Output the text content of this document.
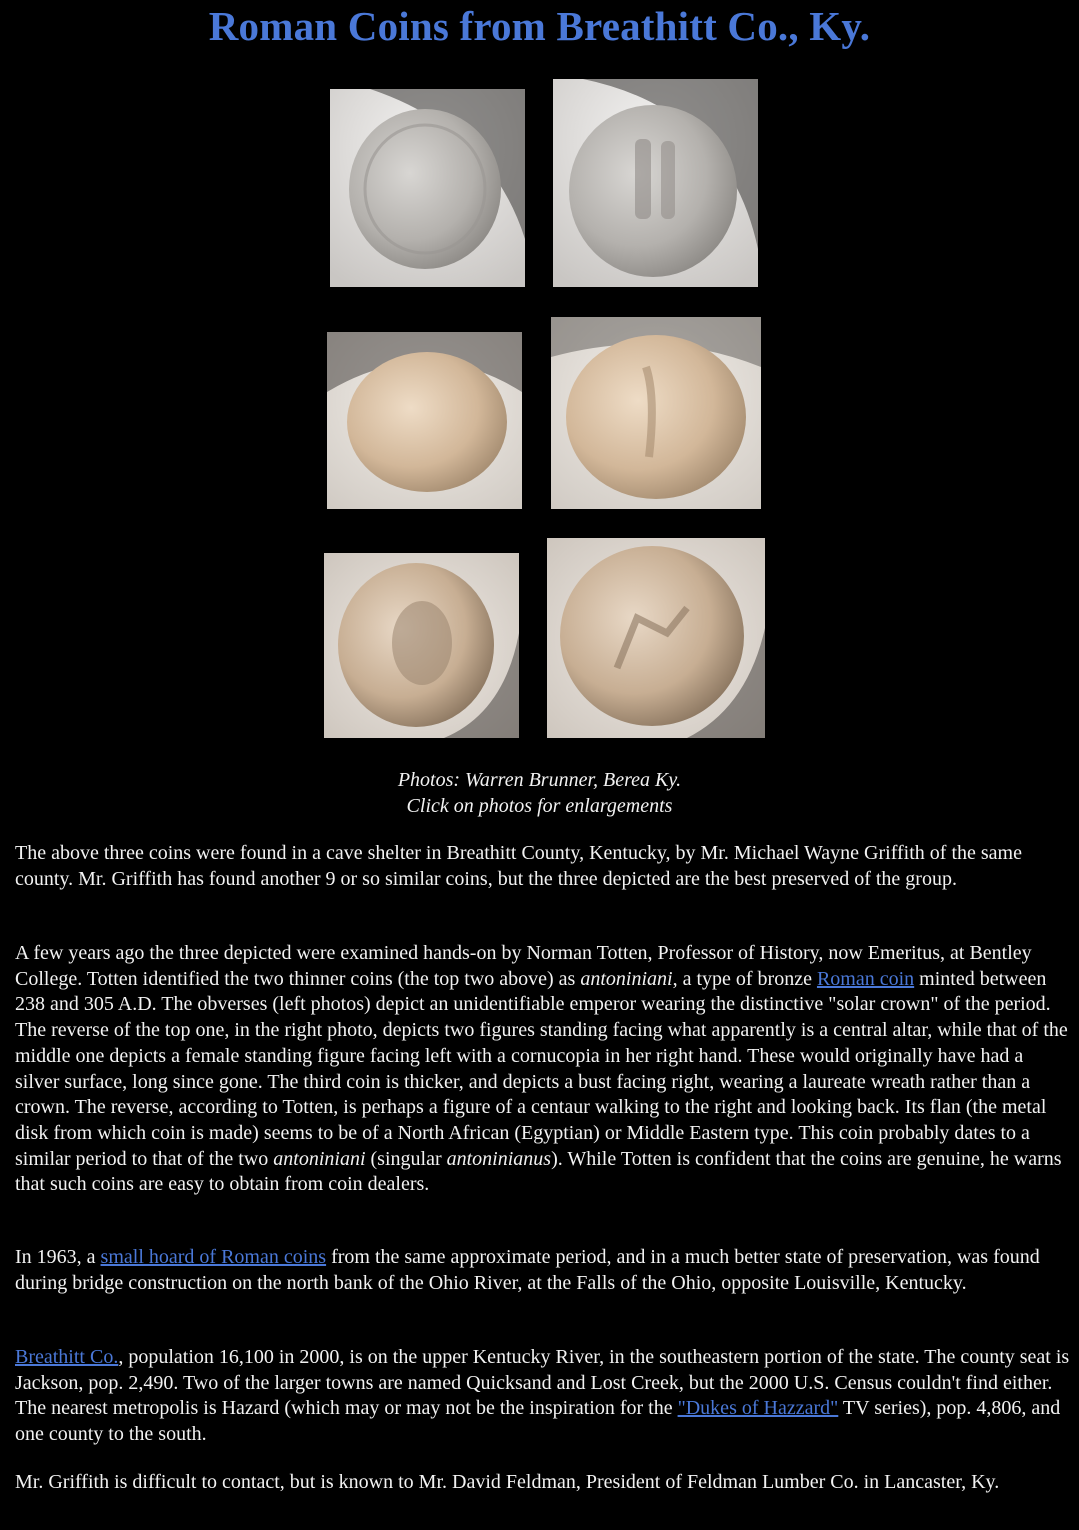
Roman Coins from Breathitt Co., Ky.
Photos: Warren Brunner, Berea Ky.
Click on photos for enlargements

The above three coins were found in a cave shelter in Breathitt County, Kentucky, by Mr. Michael Wayne Griffith of the same county. Mr. Griffith has found another 9 or so similar coins, but the three depicted are the best preserved of the group.

A few years ago the three depicted were examined hands-on by Norman Totten, Professor of History, now Emeritus, at Bentley College. Totten identified the two thinner coins (the top two above) as antoniniani, a type of bronze Roman coin minted between 238 and 305 A.D. The obverses (left photos) depict an unidentifiable emperor wearing the distinctive "solar crown" of the period. The reverse of the top one, in the right photo, depicts two figures standing facing what apparently is a central altar, while that of the middle one depicts a female standing figure facing left with a cornucopia in her right hand. These would originally have had a silver surface, long since gone. The third coin is thicker, and depicts a bust facing right, wearing a laureate wreath rather than a crown. The reverse, according to Totten, is perhaps a figure of a centaur walking to the right and looking back. Its flan (the metal disk from which coin is made) seems to be of a North African (Egyptian) or Middle Eastern type. This coin probably dates to a similar period to that of the two antoniniani (singular antoninianus). While Totten is confident that the coins are genuine, he warns that such coins are easy to obtain from coin dealers.

In 1963, a small hoard of Roman coins from the same approximate period, and in a much better state of preservation, was found during bridge construction on the north bank of the Ohio River, at the Falls of the Ohio, opposite Louisville, Kentucky.

Breathitt Co., population 16,100 in 2000, is on the upper Kentucky River, in the southeastern portion of the state. The county seat is Jackson, pop. 2,490. Two of the larger towns are named Quicksand and Lost Creek, but the 2000 U.S. Census couldn't find either. The nearest metropolis is Hazard (which may or may not be the inspiration for the "Dukes of Hazzard" TV series), pop. 4,806, and one county to the south.

Mr. Griffith is difficult to contact, but is known to Mr. David Feldman, President of Feldman Lumber Co. in Lancaster, Ky.
